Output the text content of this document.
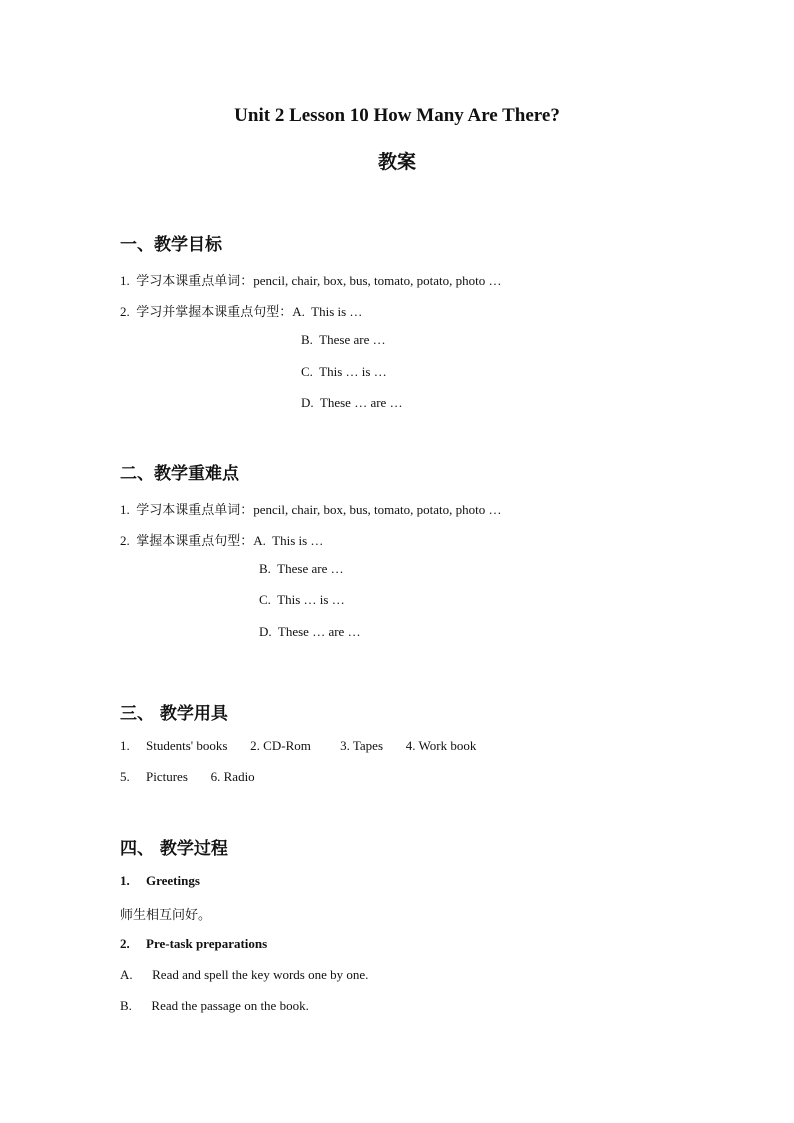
Unit 2 Lesson 10 How Many Are There?
教案
一、教学目标
1.  学习本课重点单词：pencil, chair, box, bus, tomato, potato, photo …
2.  学习并掌握本课重点句型：A.  This is …
B.  These are …
C.  This … is …
D.  These … are …
二、教学重难点
1.  学习本课重点单词：pencil, chair, box, bus, tomato, potato, photo …
2.  掌握本课重点句型：A.  This is …
B.  These are …
C.  This … is …
D.  These … are …
三、 教学用具
1.     Students' books       2. CD-Rom         3. Tapes       4. Work book
5.     Pictures       6. Radio
四、 教学过程
1.     Greetings
师生相互问好。
2.     Pre-task preparations
A.      Read and spell the key words one by one.
B.      Read the passage on the book.
